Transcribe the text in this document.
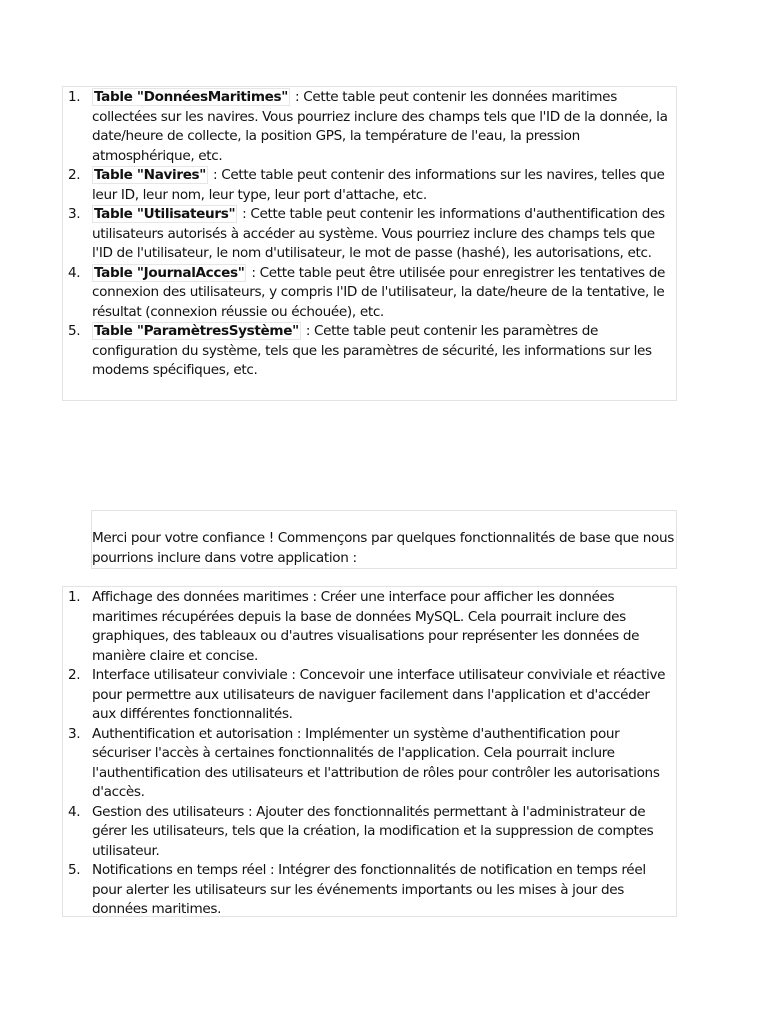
1.	Table "DonnéesMaritimes" : Cette table peut contenir les données maritimes collectées sur les navires. Vous pourriez inclure des champs tels que l'ID de la donnée, la date/heure de collecte, la position GPS, la température de l'eau, la pression atmosphérique, etc.
2.	Table "Navires" : Cette table peut contenir des informations sur les navires, telles que leur ID, leur nom, leur type, leur port d'attache, etc.
3.	Table "Utilisateurs" : Cette table peut contenir les informations d'authentification des utilisateurs autorisés à accéder au système. Vous pourriez inclure des champs tels que l'ID de l'utilisateur, le nom d'utilisateur, le mot de passe (hashé), les autorisations, etc.
4.	Table "JournalAcces" : Cette table peut être utilisée pour enregistrer les tentatives de connexion des utilisateurs, y compris l'ID de l'utilisateur, la date/heure de la tentative, le résultat (connexion réussie ou échouée), etc.
5.	Table "ParamètresSystème" : Cette table peut contenir les paramètres de configuration du système, tels que les paramètres de sécurité, les informations sur les modems spécifiques, etc.
Merci pour votre confiance ! Commençons par quelques fonctionnalités de base que nous pourrions inclure dans votre application :
1. Affichage des données maritimes : Créer une interface pour afficher les données maritimes récupérées depuis la base de données MySQL. Cela pourrait inclure des graphiques, des tableaux ou d'autres visualisations pour représenter les données de manière claire et concise.
2. Interface utilisateur conviviale : Concevoir une interface utilisateur conviviale et réactive pour permettre aux utilisateurs de naviguer facilement dans l'application et d'accéder aux différentes fonctionnalités.
3. Authentification et autorisation : Implémenter un système d'authentification pour sécuriser l'accès à certaines fonctionnalités de l'application. Cela pourrait inclure l'authentification des utilisateurs et l'attribution de rôles pour contrôler les autorisations d'accès.
4. Gestion des utilisateurs : Ajouter des fonctionnalités permettant à l'administrateur de gérer les utilisateurs, tels que la création, la modification et la suppression de comptes utilisateur.
5. Notifications en temps réel : Intégrer des fonctionnalités de notification en temps réel pour alerter les utilisateurs sur les événements importants ou les mises à jour des données maritimes.
